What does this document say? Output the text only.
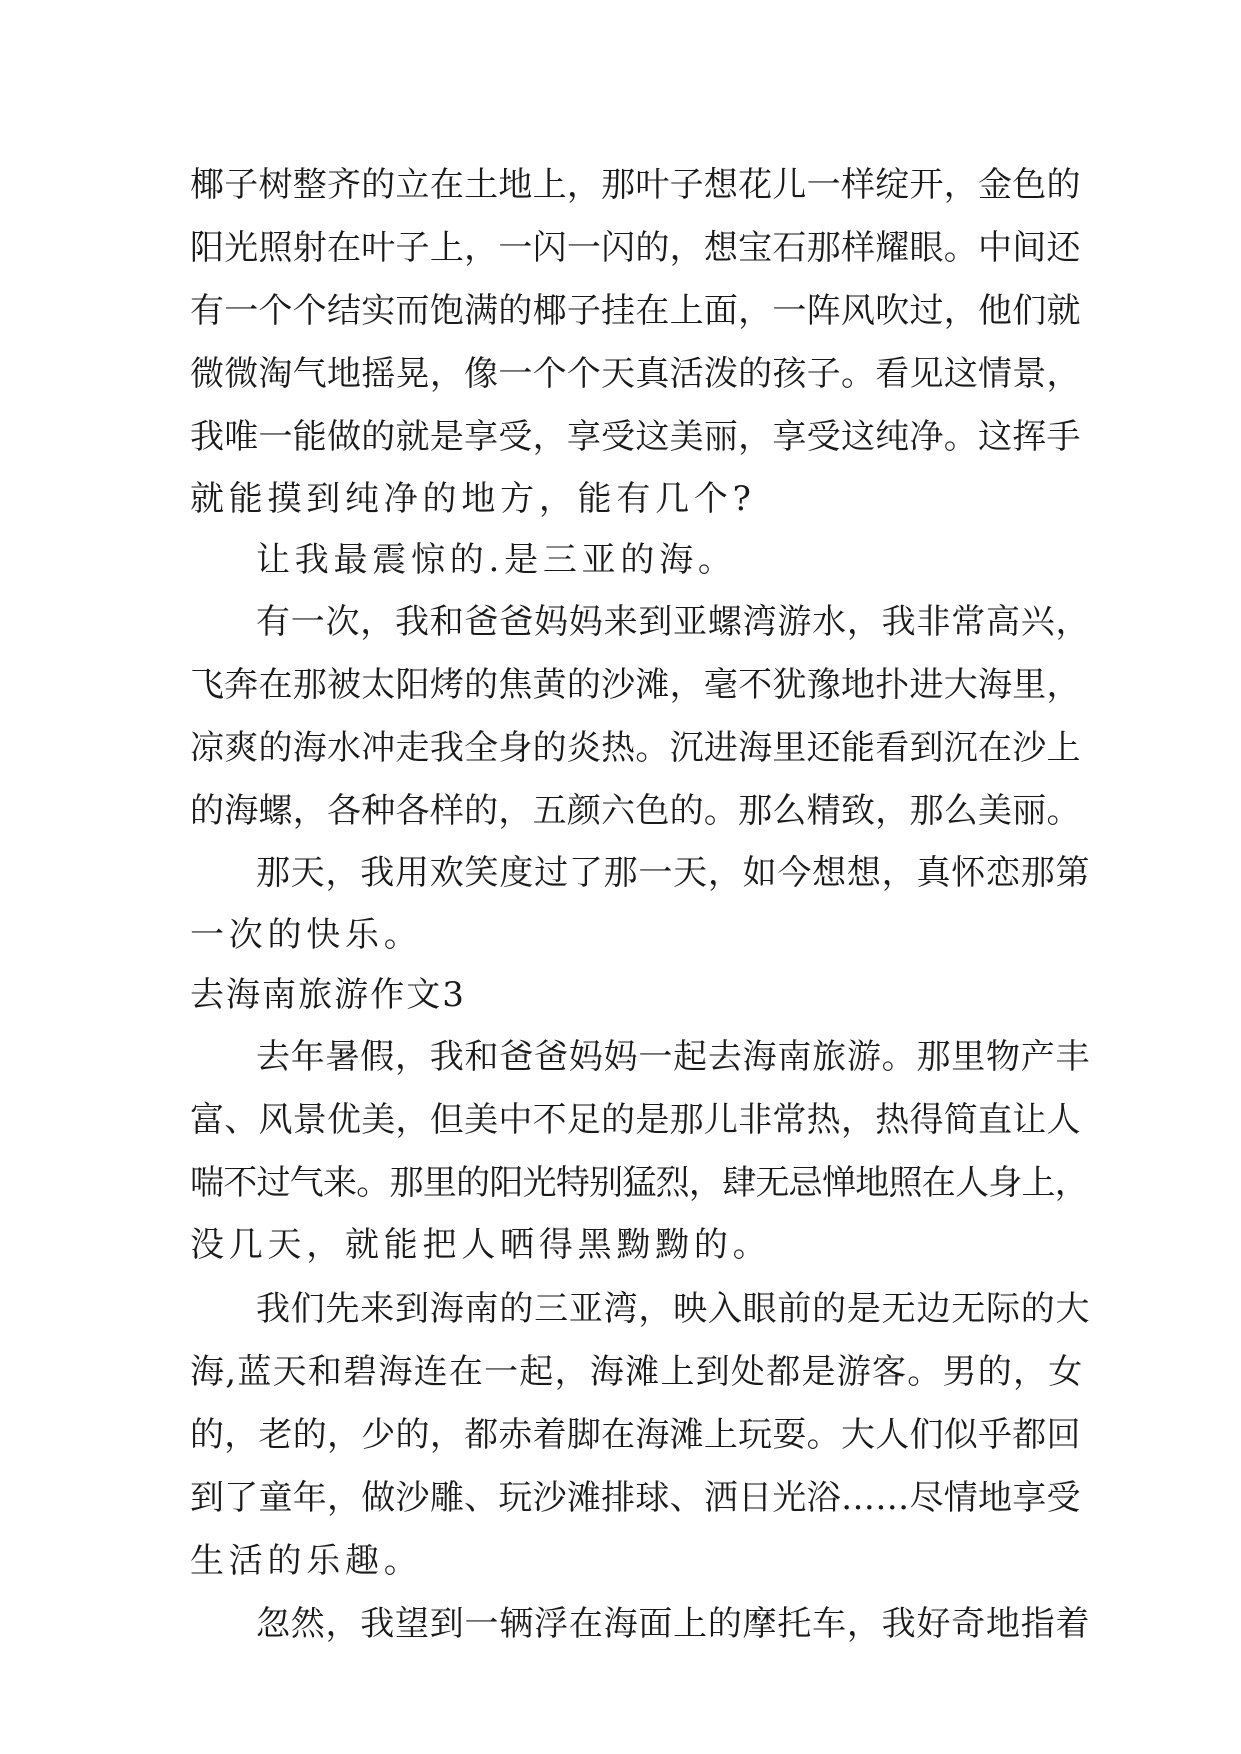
椰子树整齐的立在土地上，那叶子想花儿一样绽开，金色的
阳光照射在叶子上，一闪一闪的，想宝石那样耀眼。中间还
有一个个结实而饱满的椰子挂在上面，一阵风吹过，他们就
微微淘气地摇晃，像一个个天真活泼的孩子。看见这情景，
我唯一能做的就是享受，享受这美丽，享受这纯净。这挥手
就能摸到纯净的地方，能有几个?
让我最震惊的.是三亚的海。
有一次，我和爸爸妈妈来到亚螺湾游水，我非常高兴，
飞奔在那被太阳烤的焦黄的沙滩，毫不犹豫地扑进大海里，
凉爽的海水冲走我全身的炎热。沉进海里还能看到沉在沙上
的海螺，各种各样的，五颜六色的。那么精致，那么美丽。
那天，我用欢笑度过了那一天，如今想想，真怀恋那第
一次的快乐。
去海南旅游作文3
去年暑假，我和爸爸妈妈一起去海南旅游。那里物产丰
富、风景优美，但美中不足的是那儿非常热，热得简直让人
喘不过气来。那里的阳光特别猛烈，肆无忌惮地照在人身上，
没几天，就能把人晒得黑黝黝的。
我们先来到海南的三亚湾，映入眼前的是无边无际的大
海,蓝天和碧海连在一起，海滩上到处都是游客。男的，女
的，老的，少的，都赤着脚在海滩上玩耍。大人们似乎都回
到了童年，做沙雕、玩沙滩排球、洒日光浴……尽情地享受
生活的乐趣。
忽然，我望到一辆浮在海面上的摩托车，我好奇地指着
